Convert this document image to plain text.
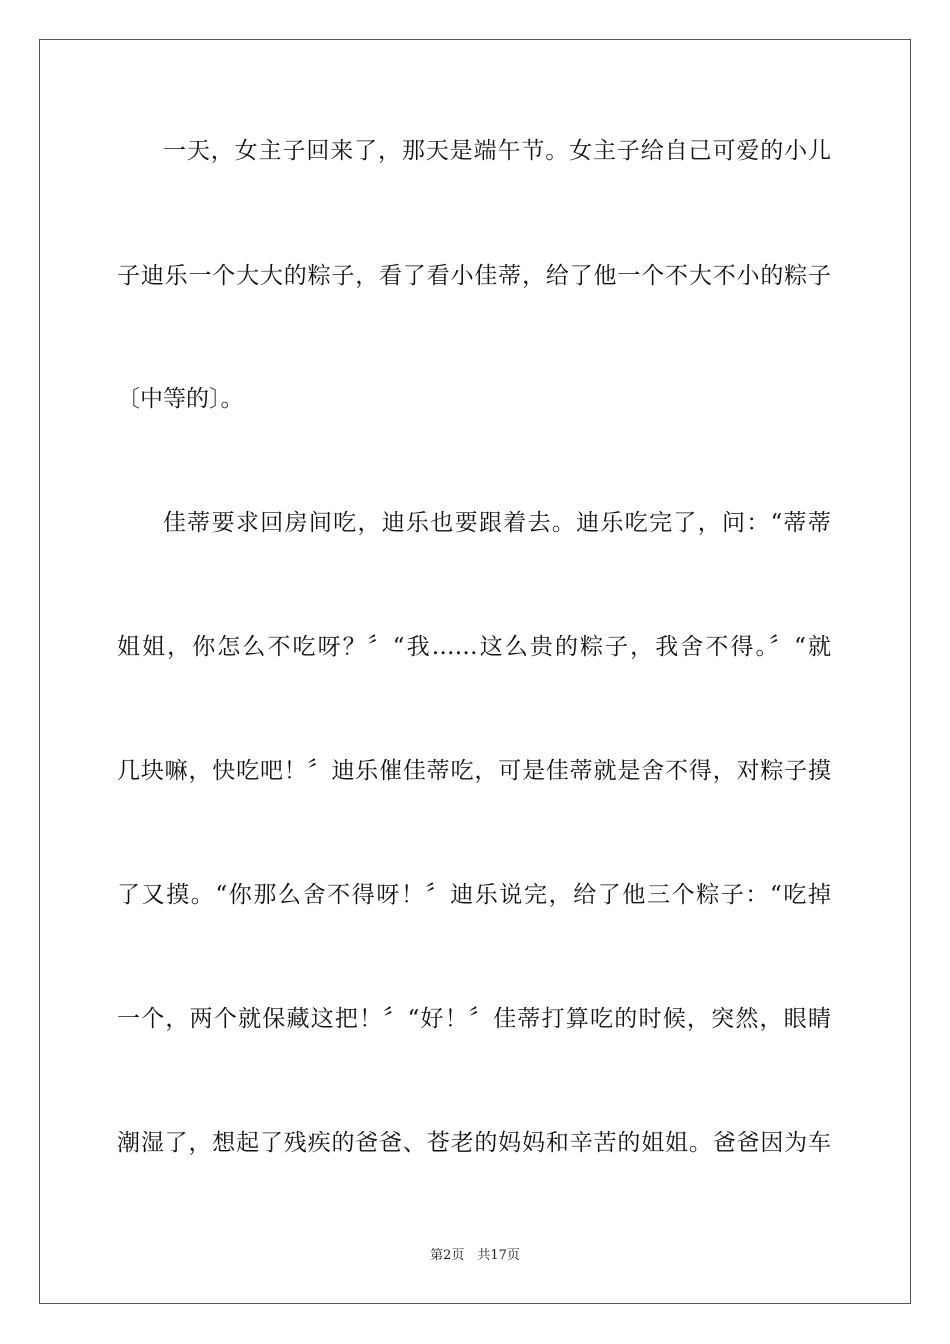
一天，女主子回来了，那天是端午节。女主子给自己可爱的小儿
子迪乐一个大大的粽子，看了看小佳蒂，给了他一个不大不小的粽子
〔中等的〕。
佳蒂要求回房间吃，迪乐也要跟着去。迪乐吃完了，问：“蒂蒂
姐姐，你怎么不吃呀？〞“我……这么贵的粽子，我舍不得。〞“就
几块嘛，快吃吧！〞迪乐催佳蒂吃，可是佳蒂就是舍不得，对粽子摸
了又摸。“你那么舍不得呀！〞迪乐说完，给了他三个粽子：“吃掉
一个，两个就保藏这把！〞“好！〞佳蒂打算吃的时候，突然，眼睛
潮湿了，想起了残疾的爸爸、苍老的妈妈和辛苦的姐姐。爸爸因为车
第2页　共17页
